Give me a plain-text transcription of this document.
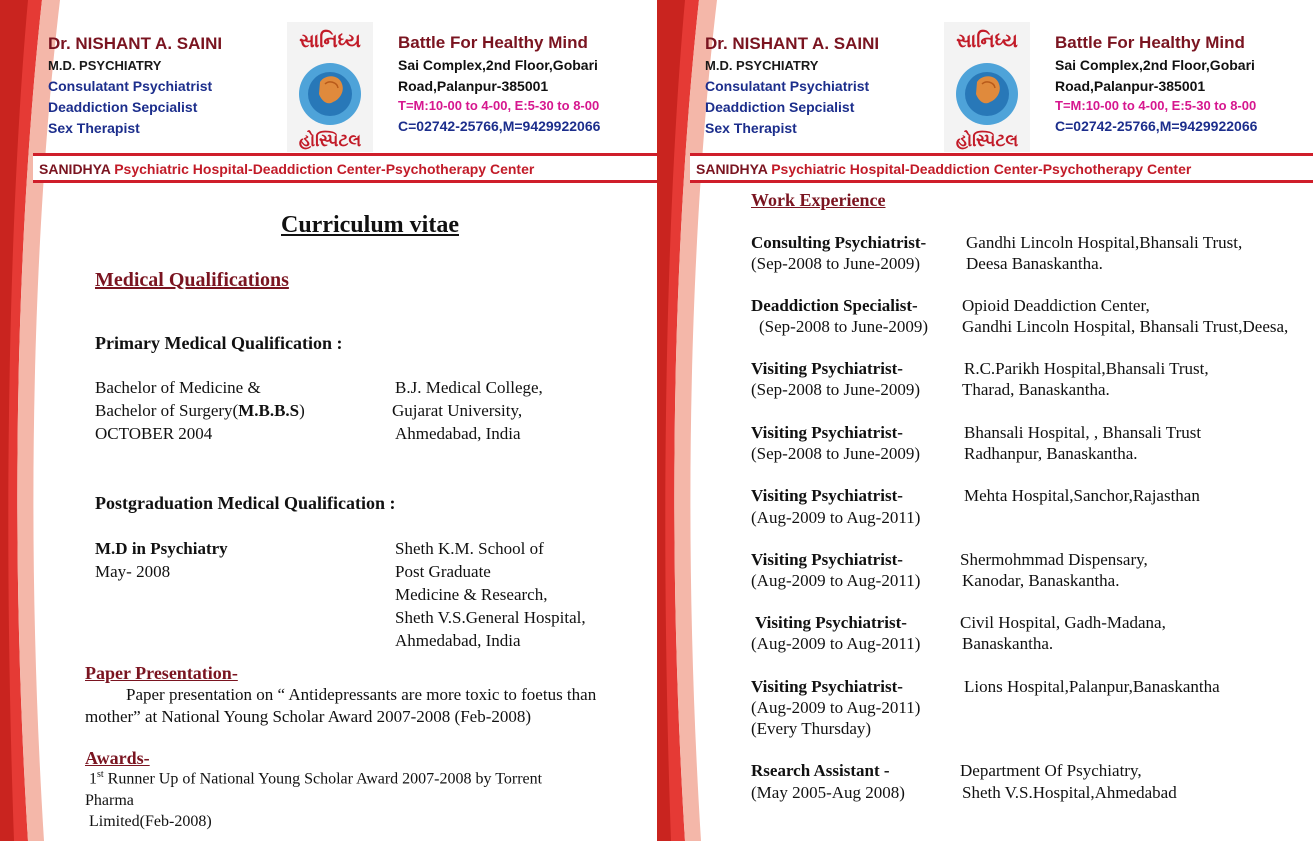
Dr. NISHANT A. SAINI
M.D. PSYCHIATRY
Consulatant Psychiatrist
Deaddiction Sepcialist
Sex Therapist
સાનિધ્ય
હોસ્પિટલ
Battle For Healthy Mind
Sai Complex,2nd Floor,Gobari
Road,Palanpur-385001
T=M:10-00 to 4-00, E:5-30 to 8-00
C=02742-25766,M=9429922066
SANIDHYA Psychiatric Hospital-Deaddiction Center-Psychotherapy Center
Curriculum vitae
Medical Qualifications
Primary Medical Qualification :
Bachelor of Medicine &
Bachelor of Surgery(M.B.B.S)
OCTOBER 2004
B.J. Medical College,
Gujarat University,
Ahmedabad, India
Postgraduation Medical Qualification :
M.D in Psychiatry
May- 2008
Sheth K.M. School of
Post Graduate
Medicine & Research,
Sheth V.S.General Hospital,
Ahmedabad, India
Paper Presentation-
Paper presentation on “ Antidepressants are more toxic to foetus than
mother” at National Young Scholar Award 2007-2008 (Feb-2008)
Awards-
1st Runner Up of National Young Scholar Award 2007-2008 by Torrent
Pharma
Limited(Feb-2008)
Dr. NISHANT A. SAINI
M.D. PSYCHIATRY
Consulatant Psychiatrist
Deaddiction Sepcialist
Sex Therapist
સાનિધ્ય
હોસ્પિટલ
Battle For Healthy Mind
Sai Complex,2nd Floor,Gobari
Road,Palanpur-385001
T=M:10-00 to 4-00, E:5-30 to 8-00
C=02742-25766,M=9429922066
SANIDHYA Psychiatric Hospital-Deaddiction Center-Psychotherapy Center
Work Experience
Consulting Psychiatrist-
(Sep-2008 to June-2009)
Gandhi Lincoln Hospital,Bhansali Trust,
Deesa Banaskantha.
Deaddiction Specialist-
(Sep-2008 to June-2009)
Opioid Deaddiction Center,
Gandhi Lincoln Hospital, Bhansali Trust,Deesa,
Visiting Psychiatrist-
(Sep-2008 to June-2009)
R.C.Parikh Hospital,Bhansali Trust,
Tharad, Banaskantha.
Visiting Psychiatrist-
(Sep-2008 to June-2009)
Bhansali Hospital, , Bhansali Trust
Radhanpur, Banaskantha.
Visiting Psychiatrist-
(Aug-2009 to Aug-2011)
Mehta Hospital,Sanchor,Rajasthan
Visiting Psychiatrist-
(Aug-2009 to Aug-2011)
Shermohmmad Dispensary,
Kanodar, Banaskantha.
Visiting Psychiatrist-
(Aug-2009 to Aug-2011)
Civil Hospital, Gadh-Madana,
Banaskantha.
Visiting Psychiatrist-
(Aug-2009 to Aug-2011)
(Every Thursday)
Lions Hospital,Palanpur,Banaskantha
Rsearch Assistant -
(May 2005-Aug 2008)
Department Of Psychiatry,
Sheth V.S.Hospital,Ahmedabad
